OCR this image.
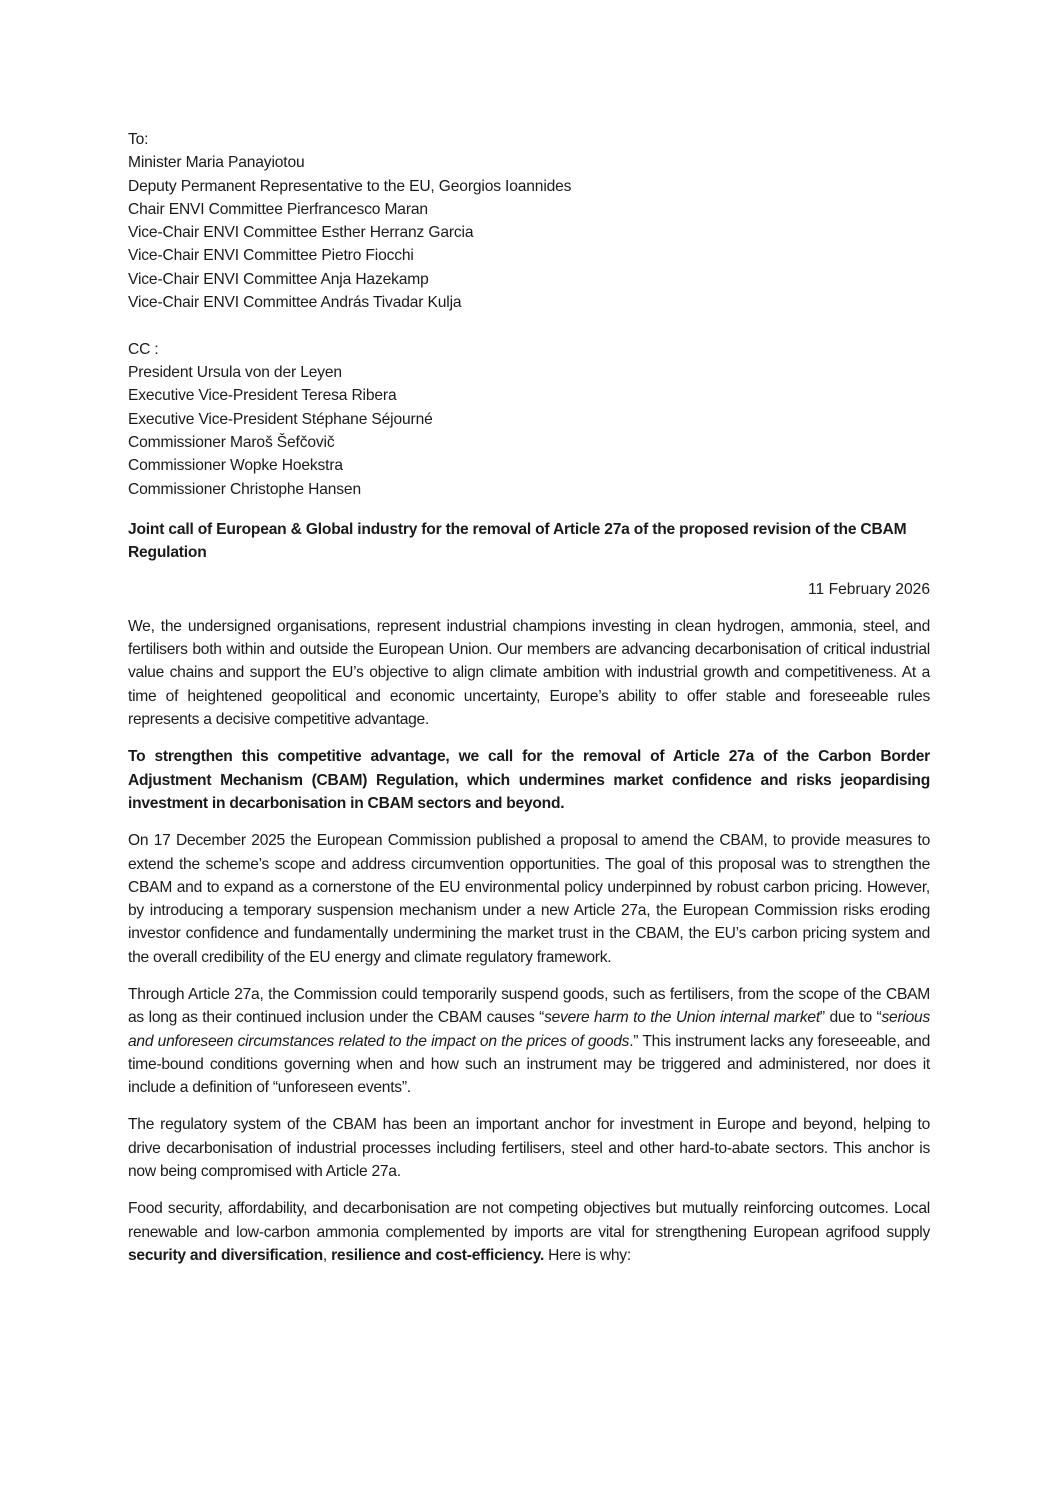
To:
Minister Maria Panayiotou
Deputy Permanent Representative to the EU, Georgios Ioannides
Chair ENVI Committee Pierfrancesco Maran
Vice-Chair ENVI Committee Esther Herranz Garcia
Vice-Chair ENVI Committee Pietro Fiocchi
Vice-Chair ENVI Committee Anja Hazekamp
Vice-Chair ENVI Committee András Tivadar Kulja
CC :
President Ursula von der Leyen
Executive Vice-President Teresa Ribera
Executive Vice-President Stéphane Séjourné
Commissioner Maroš Šefčovič
Commissioner Wopke Hoekstra
Commissioner Christophe Hansen
Joint call of European & Global industry for the removal of Article 27a of the proposed revision of the CBAM Regulation
11 February 2026

We, the undersigned organisations, represent industrial champions investing in clean hydrogen, ammonia, steel, and fertilisers both within and outside the European Union. Our members are advancing decarbonisation of critical industrial value chains and support the EU’s objective to align climate ambition with industrial growth and competitiveness. At a time of heightened geopolitical and economic uncertainty, Europe’s ability to offer stable and foreseeable rules represents a decisive competitive advantage.

To strengthen this competitive advantage, we call for the removal of Article 27a of the Carbon Border Adjustment Mechanism (CBAM) Regulation, which undermines market confidence and risks jeopardising investment in decarbonisation in CBAM sectors and beyond.

On 17 December 2025 the European Commission published a proposal to amend the CBAM, to provide measures to extend the scheme’s scope and address circumvention opportunities. The goal of this proposal was to strengthen the CBAM and to expand as a cornerstone of the EU environmental policy underpinned by robust carbon pricing. However, by introducing a temporary suspension mechanism under a new Article 27a, the European Commission risks eroding investor confidence and fundamentally undermining the market trust in the CBAM, the EU’s carbon pricing system and the overall credibility of the EU energy and climate regulatory framework.

Through Article 27a, the Commission could temporarily suspend goods, such as fertilisers, from the scope of the CBAM as long as their continued inclusion under the CBAM causes “severe harm to the Union internal market” due to “serious and unforeseen circumstances related to the impact on the prices of goods.” This instrument lacks any foreseeable, and time-bound conditions governing when and how such an instrument may be triggered and administered, nor does it include a definition of “unforeseen events”.

The regulatory system of the CBAM has been an important anchor for investment in Europe and beyond, helping to drive decarbonisation of industrial processes including fertilisers, steel and other hard-to-abate sectors. This anchor is now being compromised with Article 27a.

Food security, affordability, and decarbonisation are not competing objectives but mutually reinforcing outcomes. Local renewable and low-carbon ammonia complemented by imports are vital for strengthening European agrifood supply security and diversification, resilience and cost-efficiency. Here is why:
